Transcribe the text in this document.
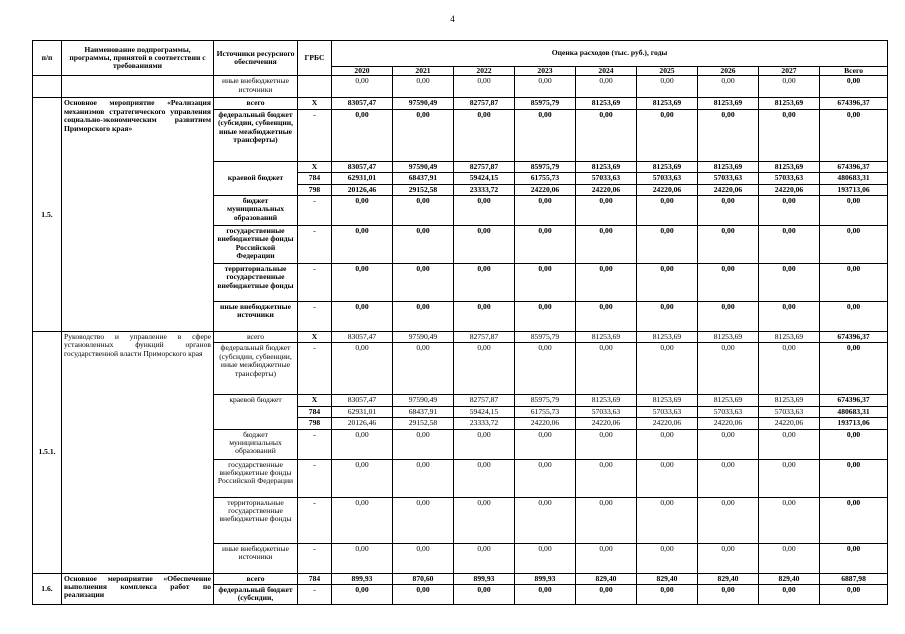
4
п/п	Наименование подпрограммы, программы, принятой в соответствии с требованиями	Источники ресурсного обеспечения	ГРБС	Оценка расходов (тыс. руб.), годы								
				2020	2021	2022	2023	2024	2025	2026	2027	Всего
		иные внебюджетные источники		0,00	0,00	0,00	0,00	0,00	0,00	0,00	0,00	0,00
1.5.	Основное мероприятие «Реализация механизмов стратегического управления социально-экономическим развитием Приморского края»	всего	X	83057,47	97590,49	82757,87	85975,79	81253,69	81253,69	81253,69	81253,69	674396,37
		федеральный бюджет (субсидии, субвенции, иные межбюджетные трансферты)	-	0,00	0,00	0,00	0,00	0,00	0,00	0,00	0,00	0,00
		краевой бюджет	X	83057,47	97590,49	82757,87	85975,79	81253,69	81253,69	81253,69	81253,69	674396,37
			784	62931,01	68437,91	59424,15	61755,73	57033,63	57033,63	57033,63	57033,63	480683,31
			798	20126,46	29152,58	23333,72	24220,06	24220,06	24220,06	24220,06	24220,06	193713,06
		бюджет муниципальных образований	-	0,00	0,00	0,00	0,00	0,00	0,00	0,00	0,00	0,00
		государственные внебюджетные фонды Российской Федерации	-	0,00	0,00	0,00	0,00	0,00	0,00	0,00	0,00	0,00
		территориальные государственные внебюджетные фонды	-	0,00	0,00	0,00	0,00	0,00	0,00	0,00	0,00	0,00
		иные внебюджетные источники	-	0,00	0,00	0,00	0,00	0,00	0,00	0,00	0,00	0,00
1.5.1.	Руководство и управление в сфере установленных функций органов государственной власти Приморского края	всего	X	83057,47	97590,49	82757,87	85975,79	81253,69	81253,69	81253,69	81253,69	674396,37
		федеральный бюджет (субсидии, субвенции, иные межбюджетные трансферты)	-	0,00	0,00	0,00	0,00	0,00	0,00	0,00	0,00	0,00
		краевой бюджет	X	83057,47	97590,49	82757,87	85975,79	81253,69	81253,69	81253,69	81253,69	674396,37
			784	62931,01	68437,91	59424,15	61755,73	57033,63	57033,63	57033,63	57033,63	480683,31
			798	20126,46	29152,58	23333,72	24220,06	24220,06	24220,06	24220,06	24220,06	193713,06
		бюджет муниципальных образований	-	0,00	0,00	0,00	0,00	0,00	0,00	0,00	0,00	0,00
		государственные внебюджетные фонды Российской Федерации	-	0,00	0,00	0,00	0,00	0,00	0,00	0,00	0,00	0,00
		территориальные государственные внебюджетные фонды	-	0,00	0,00	0,00	0,00	0,00	0,00	0,00	0,00	0,00
		иные внебюджетные источники	-	0,00	0,00	0,00	0,00	0,00	0,00	0,00	0,00	0,00
1.6.	Основное мероприятие «Обеспечение выполнения комплекса работ по реализации	всего	784	899,93	870,60	899,93	899,93	829,40	829,40	829,40	829,40	6887,98
		федеральный бюджет (субсидии,	-	0,00	0,00	0,00	0,00	0,00	0,00	0,00	0,00	0,00
